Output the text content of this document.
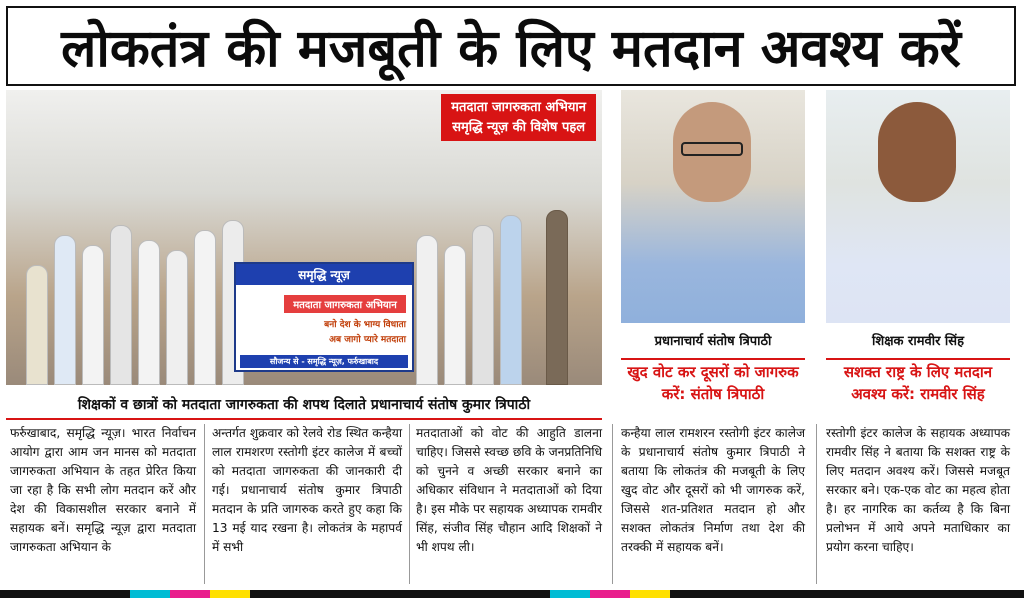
लोकतंत्र की मजबूती के लिए मतदान अवश्य करें
मतदाता जागरुकता अभियान
समृद्धि न्यूज़ की विशेष पहल
समृद्धि न्यूज़
मतदाता जागरुकता अभियान
बनो देश के भाग्य विधाता
अब जागो प्यारे मतदाता
सौजन्य से - समृद्धि न्यूज़, फर्रुखाबाद
शिक्षकों व छात्रों को मतदाता जागरुकता की शपथ दिलाते प्रधानाचार्य संतोष कुमार त्रिपाठी
प्रधानाचार्य संतोष त्रिपाठी	शिक्षक रामवीर सिंह
खुद वोट कर दूसरों को जागरुक करें: संतोष त्रिपाठी
सशक्त राष्ट्र के लिए मतदान अवश्य करें: रामवीर सिंह
फर्रुखाबाद, समृद्धि न्यूज़। भारत निर्वाचन आयोग द्वारा आम जन मानस को मतदाता जागरुकता अभियान के तहत प्रेरित किया जा रहा है कि सभी लोग मतदान करें और देश की विकासशील सरकार बनाने में सहायक बनें। समृद्धि न्यूज़ द्वारा मतदाता जागरुकता अभियान के
अन्तर्गत शुक्रवार को रेलवे रोड स्थित कन्हैया लाल रामशरण रस्तोगी इंटर कालेज में बच्चों को मतदाता जागरुकता की जानकारी दी गई। प्रधानाचार्य संतोष कुमार त्रिपाठी मतदान के प्रति जागरुक करते हुए कहा कि 13 मई याद रखना है। लोकतंत्र के महापर्व में सभी
मतदाताओं को वोट की आहुति डालना चाहिए। जिससे स्वच्छ छवि के जनप्रतिनिधि को चुनने व अच्छी सरकार बनाने का अधिकार संविधान ने मतदाताओं को दिया है। इस मौके पर सहायक अध्यापक रामवीर सिंह, संजीव सिंह चौहान आदि शिक्षकों ने भी शपथ ली।
कन्हैया लाल रामशरन रस्तोगी इंटर कालेज के प्रधानाचार्य संतोष कुमार त्रिपाठी ने बताया कि लोकतंत्र की मजबूती के लिए खुद वोट और दूसरों को भी जागरुक करें, जिससे शत-प्रतिशत मतदान हो और सशक्त लोकतंत्र निर्माण तथा देश की तरक्की में सहायक बनें।
रस्तोगी इंटर कालेज के सहायक अध्यापक रामवीर सिंह ने बताया कि सशक्त राष्ट्र के लिए मतदान अवश्य करें। जिससे मजबूत सरकार बने। एक-एक वोट का महत्व होता है। हर नागरिक का कर्तव्य है कि बिना प्रलोभन में आये अपने मताधिकार का प्रयोग करना चाहिए।
